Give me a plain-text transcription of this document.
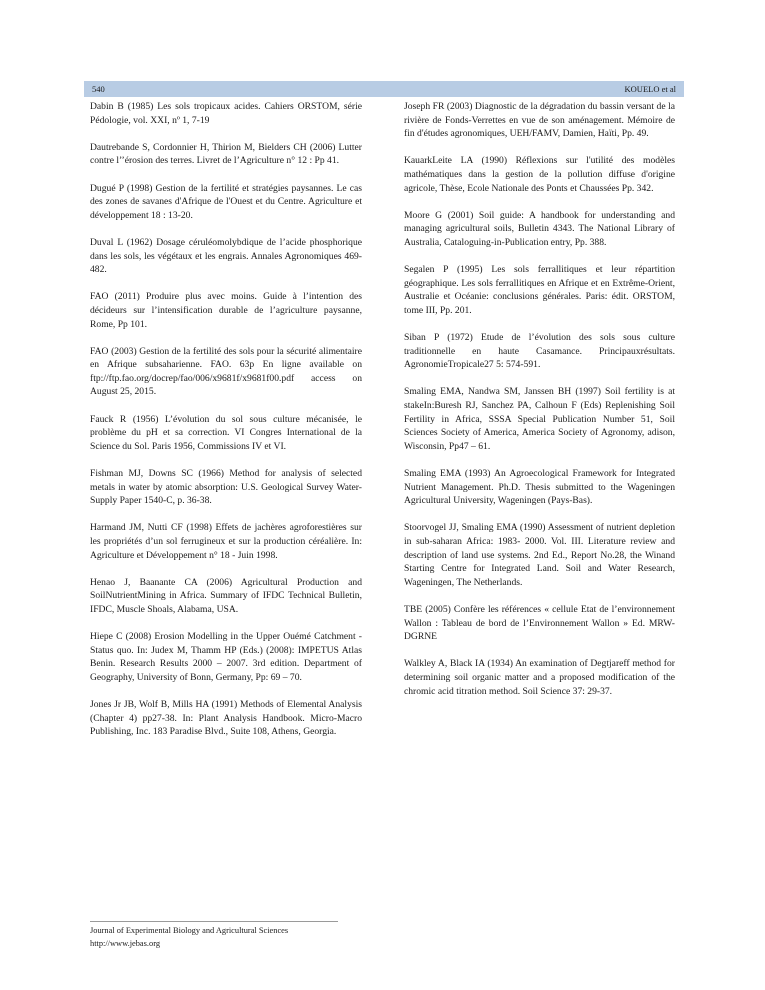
540	KOUELO et al

Dabin B (1985) Les sols tropicaux acides. Cahiers ORSTOM, série Pédologie, vol. XXI, nº 1, 7-19

Dautrebande S, Cordonnier H, Thirion M, Bielders CH (2006) Lutter contre l’’érosion des terres. Livret de l’Agriculture n° 12 : Pp 41.

Dugué P (1998) Gestion de la fertilité et stratégies paysannes. Le cas des zones de savanes d'Afrique de l'Ouest et du Centre. Agriculture et développement 18 : 13-20.

Duval L (1962) Dosage céruléomolybdique de l’acide phosphorique dans les sols, les végétaux et les engrais. Annales Agronomiques 469-482.

FAO (2011) Produire plus avec moins. Guide à l’intention des décideurs sur l’intensification durable de l’agriculture paysanne, Rome, Pp 101.

FAO (2003) Gestion de la fertilité des sols pour la sécurité alimentaire en Afrique subsaharienne. FAO. 63p En ligne available on ftp://ftp.fao.org/docrep/fao/006/x9681f/x9681f00.pdf access on August 25, 2015.

Fauck R (1956) L’évolution du sol sous culture mécanisée, le problème du pH et sa correction. VI Congres International de la Science du Sol. Paris 1956, Commissions IV et VI.

Fishman MJ, Downs SC (1966) Method for analysis of selected metals in water by atomic absorption: U.S. Geological Survey Water-Supply Paper 1540-C, p. 36-38.

Harmand JM, Nutti CF (1998) Effets de jachères agroforestières sur les propriétés d’un sol ferrugineux et sur la production céréalière. In: Agriculture et Développement n° 18 - Juin 1998.

Henao J, Baanante CA (2006) Agricultural Production and SoilNutrientMining in Africa. Summary of IFDC Technical Bulletin, IFDC, Muscle Shoals, Alabama, USA.

Hiepe C (2008) Erosion Modelling in the Upper Ouémé Catchment - Status quo. In: Judex M, Thamm HP (Eds.) (2008): IMPETUS Atlas Benin. Research Results 2000 – 2007. 3rd edition. Department of Geography, University of Bonn, Germany, Pp: 69 – 70.

Jones Jr JB, Wolf B, Mills HA (1991) Methods of Elemental Analysis (Chapter 4) pp27-38. In: Plant Analysis Handbook. Micro-Macro Publishing, Inc. 183 Paradise Blvd., Suite 108, Athens, Georgia.

Joseph FR (2003) Diagnostic de la dégradation du bassin versant de la rivière de Fonds-Verrettes en vue de son aménagement. Mémoire de fin d'études agronomiques, UEH/FAMV, Damien, Haïti, Pp. 49.

KauarkLeite LA (1990) Réflexions sur l'utilité des modèles mathématiques dans la gestion de la pollution diffuse d'origine agricole, Thèse, Ecole Nationale des Ponts et Chaussées Pp. 342.

Moore G (2001) Soil guide: A handbook for understanding and managing agricultural soils, Bulletin 4343. The National Library of Australia, Cataloguing-in-Publication entry, Pp. 388.

Segalen P (1995) Les sols ferrallitiques et leur répartition géographique. Les sols ferrallitiques en Afrique et en Extrême-Orient, Australie et Océanie: conclusions générales. Paris: édit. ORSTOM, tome III, Pp. 201.

Siban P (1972) Etude de l’évolution des sols sous culture traditionnelle en haute Casamance. Principauxrésultats. AgronomieTropicale27 5: 574-591.

Smaling EMA, Nandwa SM, Janssen BH (1997) Soil fertility is at stakeIn:Buresh RJ, Sanchez PA, Calhoun F (Eds) Replenishing Soil Fertility in Africa, SSSA Special Publication Number 51, Soil Sciences Society of America, America Society of Agronomy, adison, Wisconsin, Pp47 – 61.

Smaling EMA (1993) An Agroecological Framework for Integrated Nutrient Management. Ph.D. Thesis submitted to the Wageningen Agricultural University, Wageningen (Pays-Bas).

Stoorvogel JJ, Smaling EMA (1990) Assessment of nutrient depletion in sub-saharan Africa: 1983- 2000. Vol. III. Literature review and description of land use systems. 2nd Ed., Report No.28, the Winand Starting Centre for Integrated Land. Soil and Water Research, Wageningen, The Netherlands.

TBE (2005) Confère les références « cellule Etat de l’environnement Wallon : Tableau de bord de l’Environnement Wallon » Ed. MRW-DGRNE

Walkley A, Black IA (1934) An examination of Degtjareff method for determining soil organic matter and a proposed modification of the chromic acid titration method. Soil Science 37: 29-37.

Journal of Experimental Biology and Agricultural Sciences
http://www.jebas.org
